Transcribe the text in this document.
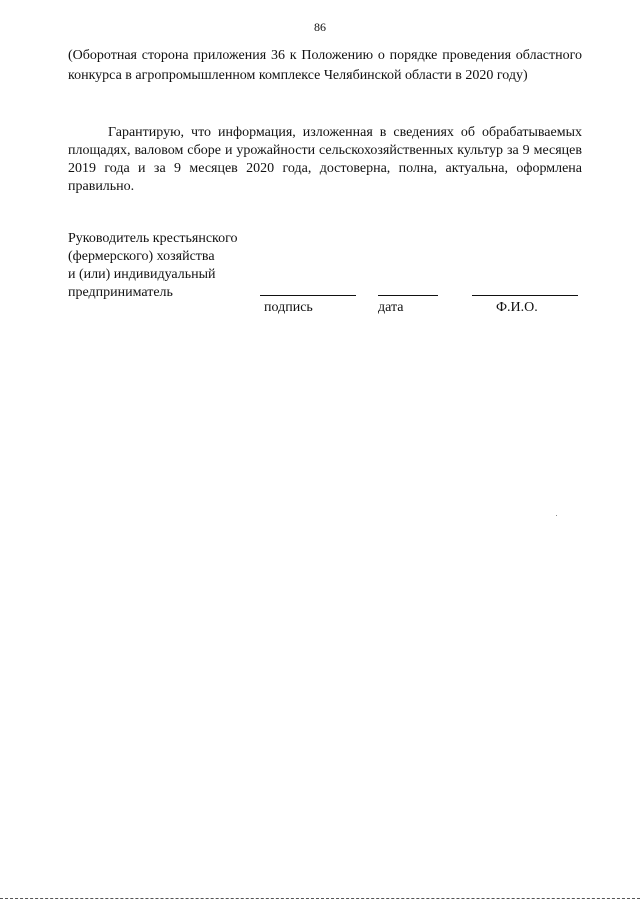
86
(Оборотная сторона приложения 36 к Положению о порядке проведения областного конкурса в агропромышленном комплексе Челябинской области в 2020 году)
Гарантирую, что информация, изложенная в сведениях об обрабатываемых площадях, валовом сборе и урожайности сельскохозяйственных культур за 9 месяцев 2019 года и за 9 месяцев 2020 года, достоверна, полна, актуальна, оформлена правильно.
Руководитель крестьянского
(фермерского) хозяйства
и (или) индивидуальный
предприниматель
подпись	дата	Ф.И.О.
